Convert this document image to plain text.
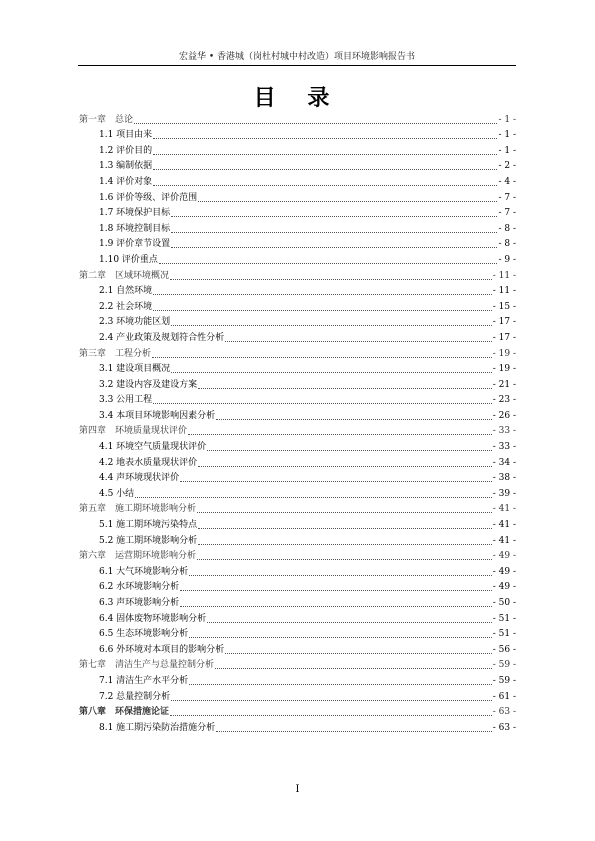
宏益华 • 香港城（岗杜村城中村改造）项目环境影响报告书
目 录
第一章　总论	- 1 -
1.1 项目由来	- 1 -
1.2 评价目的	- 1 -
1.3 编制依据	- 2 -
1.4 评价对象	- 4 -
1.6 评价等级、评价范围	- 7 -
1.7 环境保护目标	- 7 -
1.8 环境控制目标	- 8 -
1.9 评价章节设置	- 8 -
1.10 评价重点	- 9 -
第二章　区域环境概况	- 11 -
2.1 自然环境	- 11 -
2.2 社会环境	- 15 -
2.3 环境功能区划	- 17 -
2.4 产业政策及规划符合性分析	- 17 -
第三章　工程分析	- 19 -
3.1 建设项目概况	- 19 -
3.2 建设内容及建设方案	- 21 -
3.3 公用工程	- 23 -
3.4 本项目环境影响因素分析	- 26 -
第四章　环境质量现状评价	- 33 -
4.1 环境空气质量现状评价	- 33 -
4.2 地表水质量现状评价	- 34 -
4.4 声环境现状评价	- 38 -
4.5 小结	- 39 -
第五章　施工期环境影响分析	- 41 -
5.1 施工期环境污染特点	- 41 -
5.2 施工期环境影响分析	- 41 -
第六章　运营期环境影响分析	- 49 -
6.1 大气环境影响分析	- 49 -
6.2 水环境影响分析	- 49 -
6.3 声环境影响分析	- 50 -
6.4 固体废物环境影响分析	- 51 -
6.5 生态环境影响分析	- 51 -
6.6 外环境对本项目的影响分析	- 56 -
第七章　清洁生产与总量控制分析	- 59 -
7.1 清洁生产水平分析	- 59 -
7.2 总量控制分析	- 61 -
第八章　环保措施论证	- 63 -
8.1 施工期污染防治措施分析	- 63 -
I
